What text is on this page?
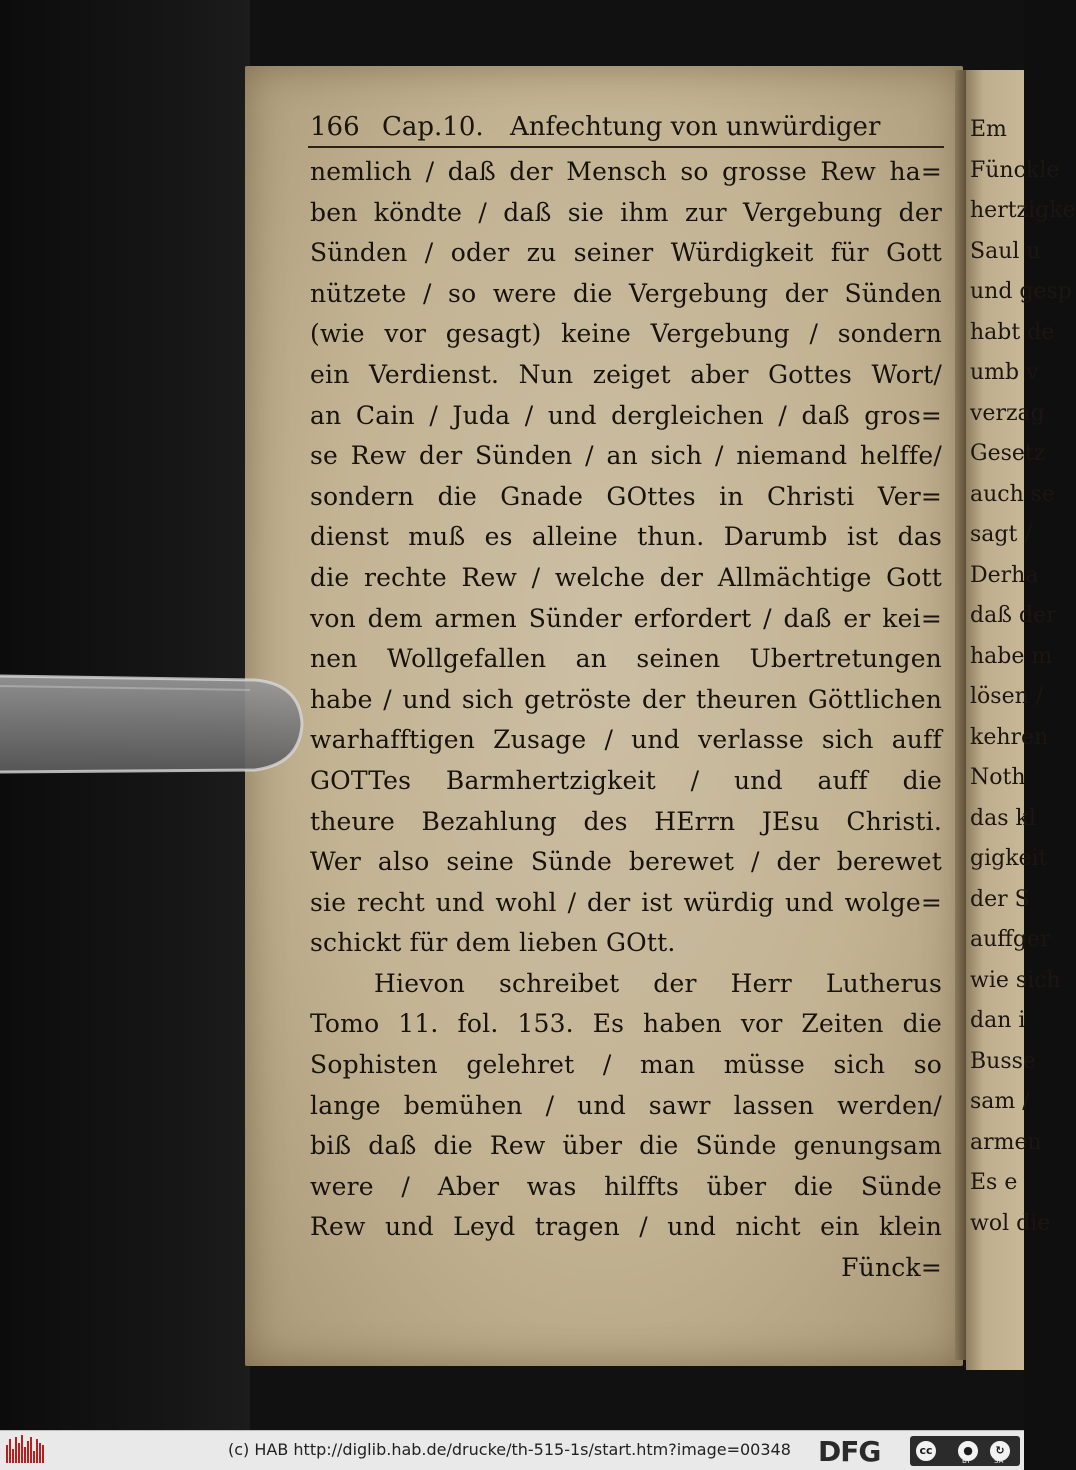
Em
Fünckle
hertzigke
Saul u
und gesp
habt de
umb v
verzag
Gesetz
auch se
sagt /
Derha
daß der
habe m
lösen /
kehren
Noth
das kl
gigkeit
der S
auffger
wie sich
dan i
Busse
sam /
armen
Es e
wol die
166 Cap.10. Anfechtung von unwürdiger
nemlich / daß der Mensch so grosse Rew ha=
ben köndte / daß sie ihm zur Vergebung der
Sünden / oder zu seiner Würdigkeit für Gott
nützete / so were die Vergebung der Sünden
(wie vor gesagt) keine Vergebung / sondern
ein Verdienst. Nun zeiget aber Gottes Wort/
an Cain / Juda / und dergleichen / daß gros=
se Rew der Sünden / an sich / niemand helffe/
sondern die Gnade GOttes in Christi Ver=
dienst muß es alleine thun. Darumb ist das
die rechte Rew / welche der Allmächtige Gott
von dem armen Sünder erfordert / daß er kei=
nen Wollgefallen an seinen Ubertretungen
habe / und sich getröste der theuren Göttlichen
warhafftigen Zusage / und verlasse sich auff
GOTTes Barmhertzigkeit / und auff die
theure Bezahlung des HErrn JEsu Christi.
Wer also seine Sünde berewet / der berewet
sie recht und wohl / der ist würdig und wolge=
schickt für dem lieben GOtt.
Hievon schreibet der Herr Lutherus
Tomo 11. fol. 153. Es haben vor Zeiten die
Sophisten gelehret / man müsse sich so
lange bemühen / und sawr lassen werden/
biß daß die Rew über die Sünde genungsam
were / Aber was hilffts über die Sünde
Rew und Leyd tragen / und nicht ein klein
Fünck=
(c) HAB http://diglib.hab.de/drucke/th-515-1s/start.htm?image=00348 DFG	cc	●	↻
BY	SA
